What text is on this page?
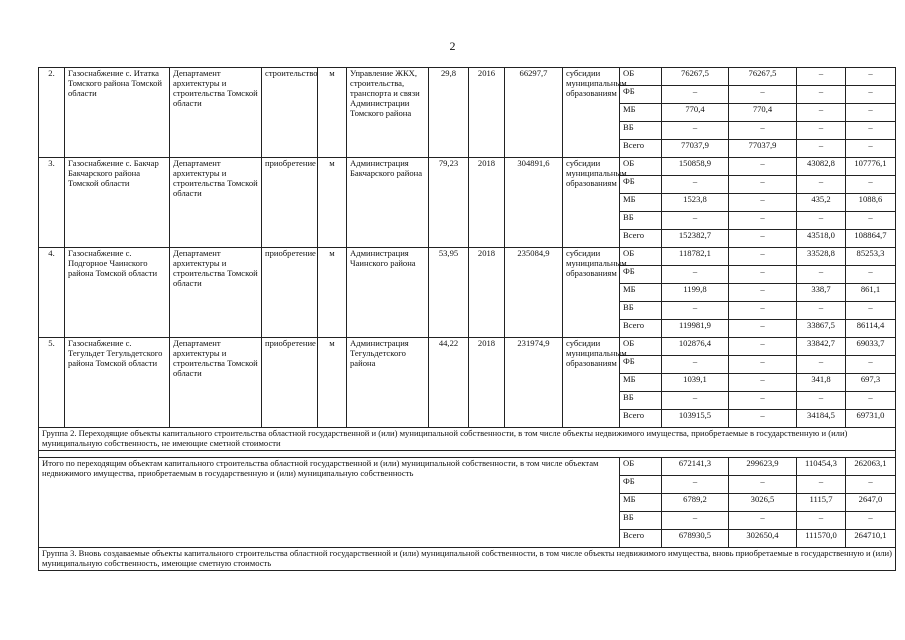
2
2.	Газоснабжение с. Итатка Томского района Томской области	Департамент архитектуры и строительства Томской области	строительство	м	Управление ЖКХ, строительства, транспорта и связи Администрации Томского района	29,8	2016	66297,7	субсидии муниципальным образованиям	ОБ	76267,5	76267,5	–	–
										ФБ	–	–	–	–
										МБ	770,4	770,4	–	–
										ВБ	–	–	–	–
										Всего	77037,9	77037,9	–	–
3.	Газоснабжение с. Бакчар Бакчарского района Томской области	Департамент архитектуры и строительства Томской области	приобретение	м	Администрация Бакчарского района	79,23	2018	304891,6	субсидии муниципальным образованиям	ОБ	150858,9	–	43082,8	107776,1
										ФБ	–	–	–	–
										МБ	1523,8	–	435,2	1088,6
										ВБ	–	–	–	–
										Всего	152382,7	–	43518,0	108864,7
4.	Газоснабжение с. Подгорное Чаинского района Томской области	Департамент архитектуры и строительства Томской области	приобретение	м	Администрация Чаинского района	53,95	2018	235084,9	субсидии муниципальным образованиям	ОБ	118782,1	–	33528,8	85253,3
										ФБ	–	–	–	–
										МБ	1199,8	–	338,7	861,1
										ВБ	–	–	–	–
										Всего	119981,9	–	33867,5	86114,4
5.	Газоснабжение с. Тегульдет Тегульдетского района Томской области	Департамент архитектуры и строительства Томской области	приобретение	м	Администрация Тегульдетского района	44,22	2018	231974,9	субсидии муниципальным образованиям	ОБ	102876,4	–	33842,7	69033,7
										ФБ	–	–	–	–
										МБ	1039,1	–	341,8	697,3
										ВБ	–	–	–	–
										Всего	103915,5	–	34184,5	69731,0
Группа 2. Переходящие объекты капитального строительства областной государственной и (или) муниципальной собственности, в том числе объекты недвижимого имущества, приобретаемые в государственную и (или) муниципальную собственность, не имеющие сметной стоимости														

Итого по переходящим объектам капитального строительства областной государственной и (или) муниципальной собственности, в том числе объектам недвижимого имущества, приобретаемым в государственную и (или) муниципальную собственность										ОБ	672141,3	299623,9	110454,3	262063,1
										ФБ	–	–	–	–
										МБ	6789,2	3026,5	1115,7	2647,0
										ВБ	–	–	–	–
										Всего	678930,5	302650,4	111570,0	264710,1
Группа 3. Вновь создаваемые объекты капитального строительства областной государственной и (или) муниципальной собственности, в том числе объекты недвижимого имущества, вновь приобретаемые в государственную и (или) муниципальную собственность, имеющие сметную стоимость														
